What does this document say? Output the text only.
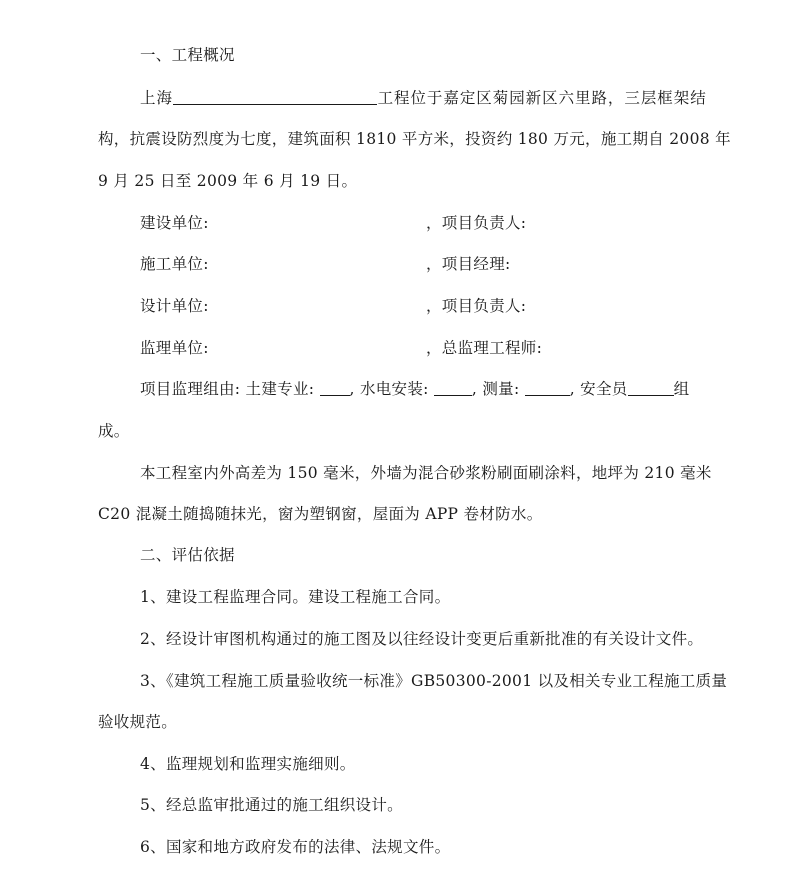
一、工程概况
上海	工程位于嘉定区菊园新区六里路，三层框架结
构，抗震设防烈度为七度，建筑面积 1810 平方米，投资约 180 万元，施工期自 2008 年
9 月 25 日至 2009 年 6 月 19 日。
建设单位:	，项目负责人:
施工单位:	，项目经理:
设计单位:	，项目负责人:
监理单位:	，总监理工程师:
项目监理组由: 土建专业: , 水电安装: , 测量:	, 安全员	组
成。
本工程室内外高差为 150 毫米，外墙为混合砂浆粉刷面刷涂料，地坪为 210 毫米
C20 混凝土随捣随抹光，窗为塑钢窗，屋面为 APP 卷材防水。
二、评估依据
1、建设工程监理合同。建设工程施工合同。
2、经设计审图机构通过的施工图及以往经设计变更后重新批准的有关设计文件。
3、《建筑工程施工质量验收统一标准》GB50300-2001 以及相关专业工程施工质量
验收规范。
4、监理规划和监理实施细则。
5、经总监审批通过的施工组织设计。
6、国家和地方政府发布的法律、法规文件。
